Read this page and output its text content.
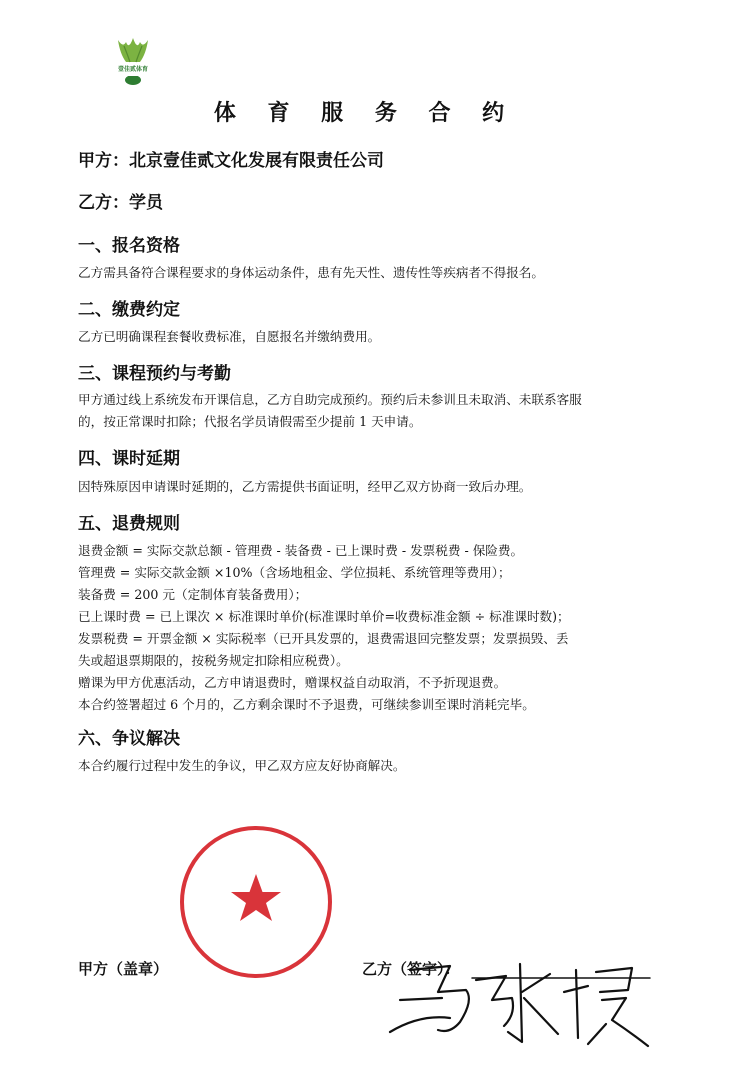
壹佳贰体育
体 育 服 务 合 约
甲方：北京壹佳贰文化发展有限责任公司
乙方：学员
一、报名资格
乙方需具备符合课程要求的身体运动条件，患有先天性、遗传性等疾病者不得报名。
二、缴费约定
乙方已明确课程套餐收费标准，自愿报名并缴纳费用。
三、课程预约与考勤
甲方通过线上系统发布开课信息，乙方自助完成预约。预约后未参训且未取消、未联系客服
的，按正常课时扣除；代报名学员请假需至少提前 1 天申请。
四、课时延期
因特殊原因申请课时延期的，乙方需提供书面证明，经甲乙双方协商一致后办理。
五、退费规则
退费金额 = 实际交款总额 - 管理费 - 装备费 - 已上课时费 - 发票税费 - 保险费。
管理费 = 实际交款金额 ×10%（含场地租金、学位损耗、系统管理等费用）；
装备费 = 200 元（定制体育装备费用）；
已上课时费 = 已上课次 × 标准课时单价(标准课时单价=收费标准金额 ÷ 标准课时数)；
发票税费 = 开票金额 × 实际税率（已开具发票的，退费需退回完整发票；发票损毁、丢
失或超退票期限的，按税务规定扣除相应税费）。
赠课为甲方优惠活动，乙方申请退费时，赠课权益自动取消，不予折现退费。
本合约签署超过 6 个月的，乙方剩余课时不予退费，可继续参训至课时消耗完毕。
六、争议解决
本合约履行过程中发生的争议，甲乙双方应友好协商解决。
甲方（盖章）	乙方（签字）：
